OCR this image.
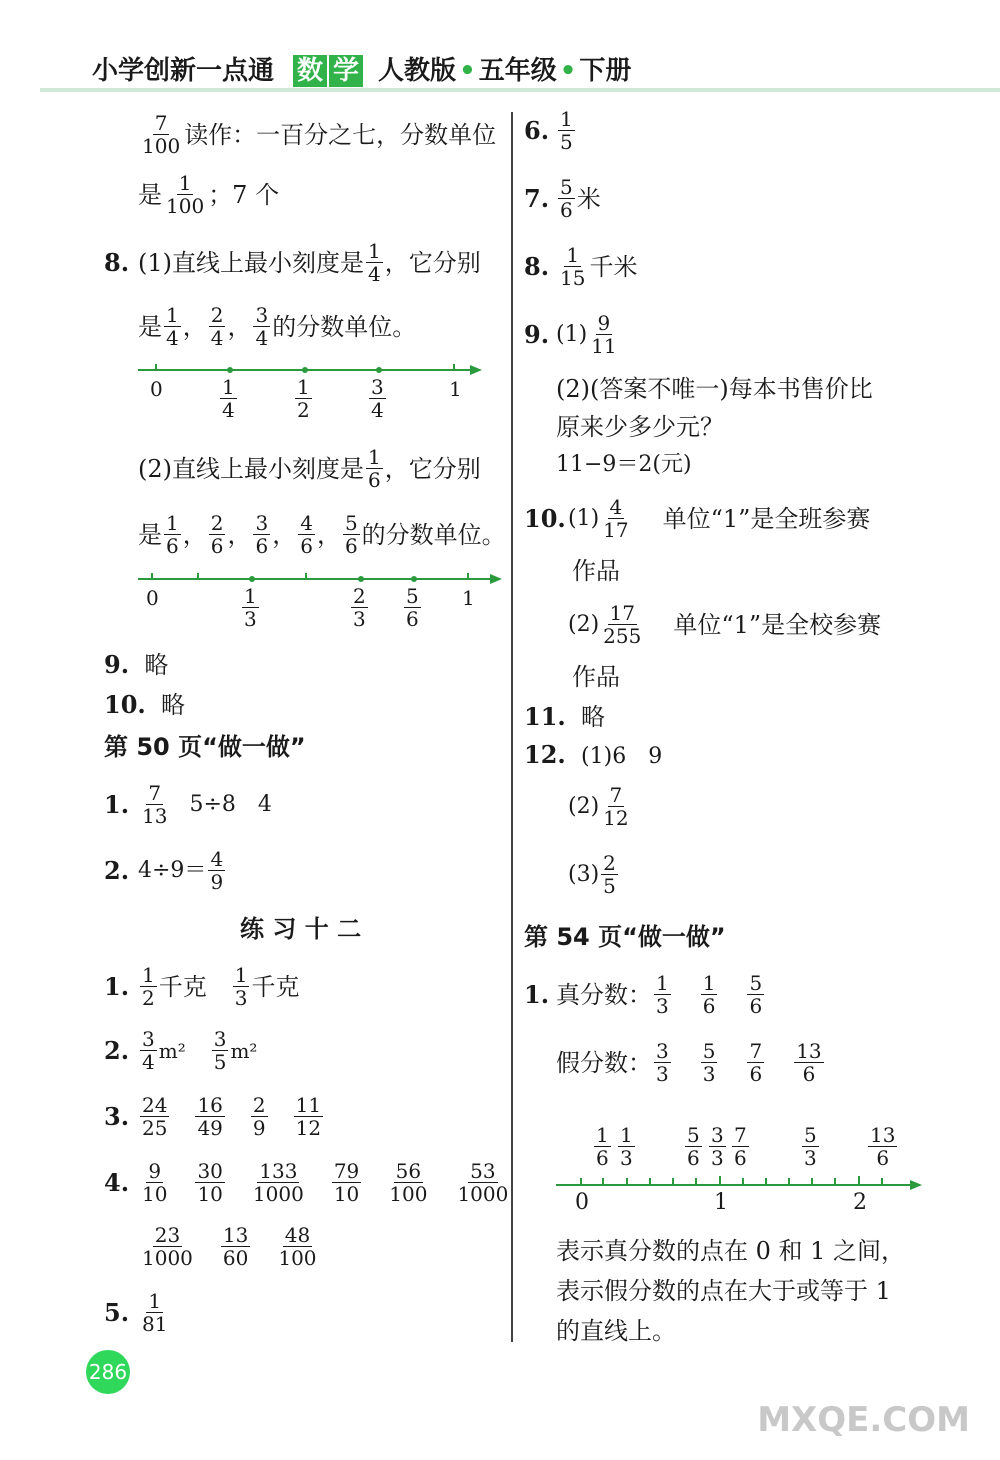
小学创新一点通 数 学 人教版 • 五年级 • 下册
$\frac{7}{100}$ 读作：一百分之七，分数单位
是 $\frac{1}{100}$ ；7 个
8. (1)直线上最小刻度是 $\frac{1}{4}$ ，它分别
是 $\frac{1}{4}$ ， $\frac{2}{4}$ ， $\frac{3}{4}$ 的分数单位。
0	1
$\frac{1}{4}$	$\frac{1}{2}$	$\frac{3}{4}$
(2)直线上最小刻度是 $\frac{1}{6}$ ，它分别
是 $\frac{1}{6}$ ， $\frac{2}{6}$ ， $\frac{3}{6}$ ， $\frac{4}{6}$ ， $\frac{5}{6}$ 的分数单位。
0	1
$\frac{1}{3}$	$\frac{2}{3} \frac{5}{6}$
9. 略
10. 略
第 50 页“做一做”
1. $\frac{7}{13} 5\div 8$　4
2. $4\div 9= \frac{4}{9}$
练 习 十 二
1. $\frac{1}{2}$ 千克 $\frac{1}{3}$ 千克
2. $\frac{3}{4} m^2 \frac{3}{5} m^2$
3. $\frac{24}{25} \frac{16}{49} \frac{2}{9} \frac{11}{12}$
4. $\frac{9}{10} \frac{30}{10} \frac{133}{1000} \frac{79}{10} \frac{56}{100} \frac{53}{1000}$
$\frac{23}{1000} \frac{13}{60} \frac{48}{100}$
5. $\frac{1}{81}$
6. $\frac{1}{5}$
7. $\frac{5}{6}$ 米
8. $\frac{1}{15}$ 千米
9. $(1) \frac{9}{11}$
(2)(答案不唯一)每本书售价比
原来少多少元？
11−9＝2(元)
10. $(1) \frac{4}{17}$ 单位“1”是全班参赛
作品
$(2) \frac{17}{255}$ 单位“1”是全校参赛
作品
11. 略
12. (1)6　9
$(2) \frac{7}{12}$
$(3) \frac{2}{5}$
第 54 页“做一做”
1. 真分数： $\frac{1}{3} \frac{1}{6} \frac{5}{6}$
假分数： $\frac{3}{3} \frac{5}{3} \frac{7}{6} \frac{13}{6}$
$\frac{1}{6} \frac{1}{3}$	$\frac{5}{6} \frac{3}{3} \frac{7}{6}$	$\frac{5}{3} \frac{13}{6}$
0	1	2
表示真分数的点在 0 和 1 之间，
表示假分数的点在大于或等于 1
的直线上。
286
MXQE.COM
